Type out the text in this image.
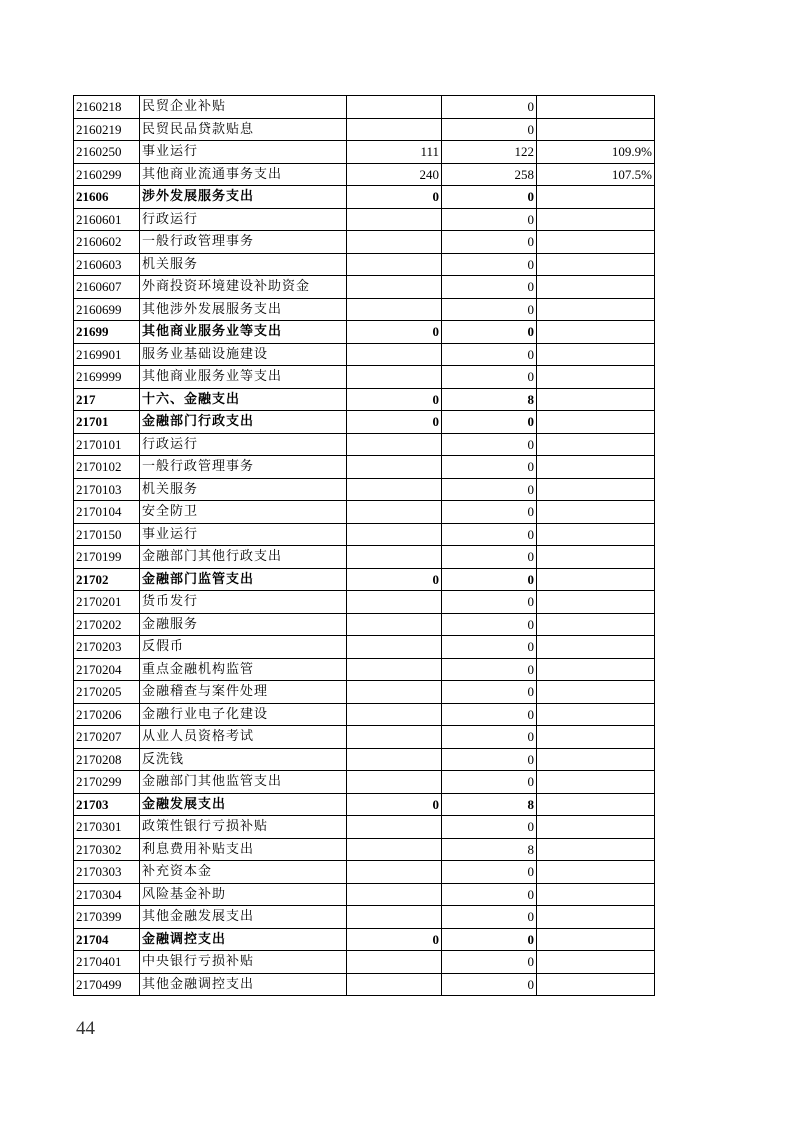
2160218	民贸企业补贴		0	
2160219	民贸民品贷款贴息		0	
2160250	事业运行	111	122	109.9%
2160299	其他商业流通事务支出	240	258	107.5%
21606	涉外发展服务支出	0	0	
2160601	行政运行		0	
2160602	一般行政管理事务		0	
2160603	机关服务		0	
2160607	外商投资环境建设补助资金		0	
2160699	其他涉外发展服务支出		0	
21699	其他商业服务业等支出	0	0	
2169901	服务业基础设施建设		0	
2169999	其他商业服务业等支出		0	
217	十六、金融支出	0	8	
21701	金融部门行政支出	0	0	
2170101	行政运行		0	
2170102	一般行政管理事务		0	
2170103	机关服务		0	
2170104	安全防卫		0	
2170150	事业运行		0	
2170199	金融部门其他行政支出		0	
21702	金融部门监管支出	0	0	
2170201	货币发行		0	
2170202	金融服务		0	
2170203	反假币		0	
2170204	重点金融机构监管		0	
2170205	金融稽查与案件处理		0	
2170206	金融行业电子化建设		0	
2170207	从业人员资格考试		0	
2170208	反洗钱		0	
2170299	金融部门其他监管支出		0	
21703	金融发展支出	0	8	
2170301	政策性银行亏损补贴		0	
2170302	利息费用补贴支出		8	
2170303	补充资本金		0	
2170304	风险基金补助		0	
2170399	其他金融发展支出		0	
21704	金融调控支出	0	0	
2170401	中央银行亏损补贴		0	
2170499	其他金融调控支出		0	
44
